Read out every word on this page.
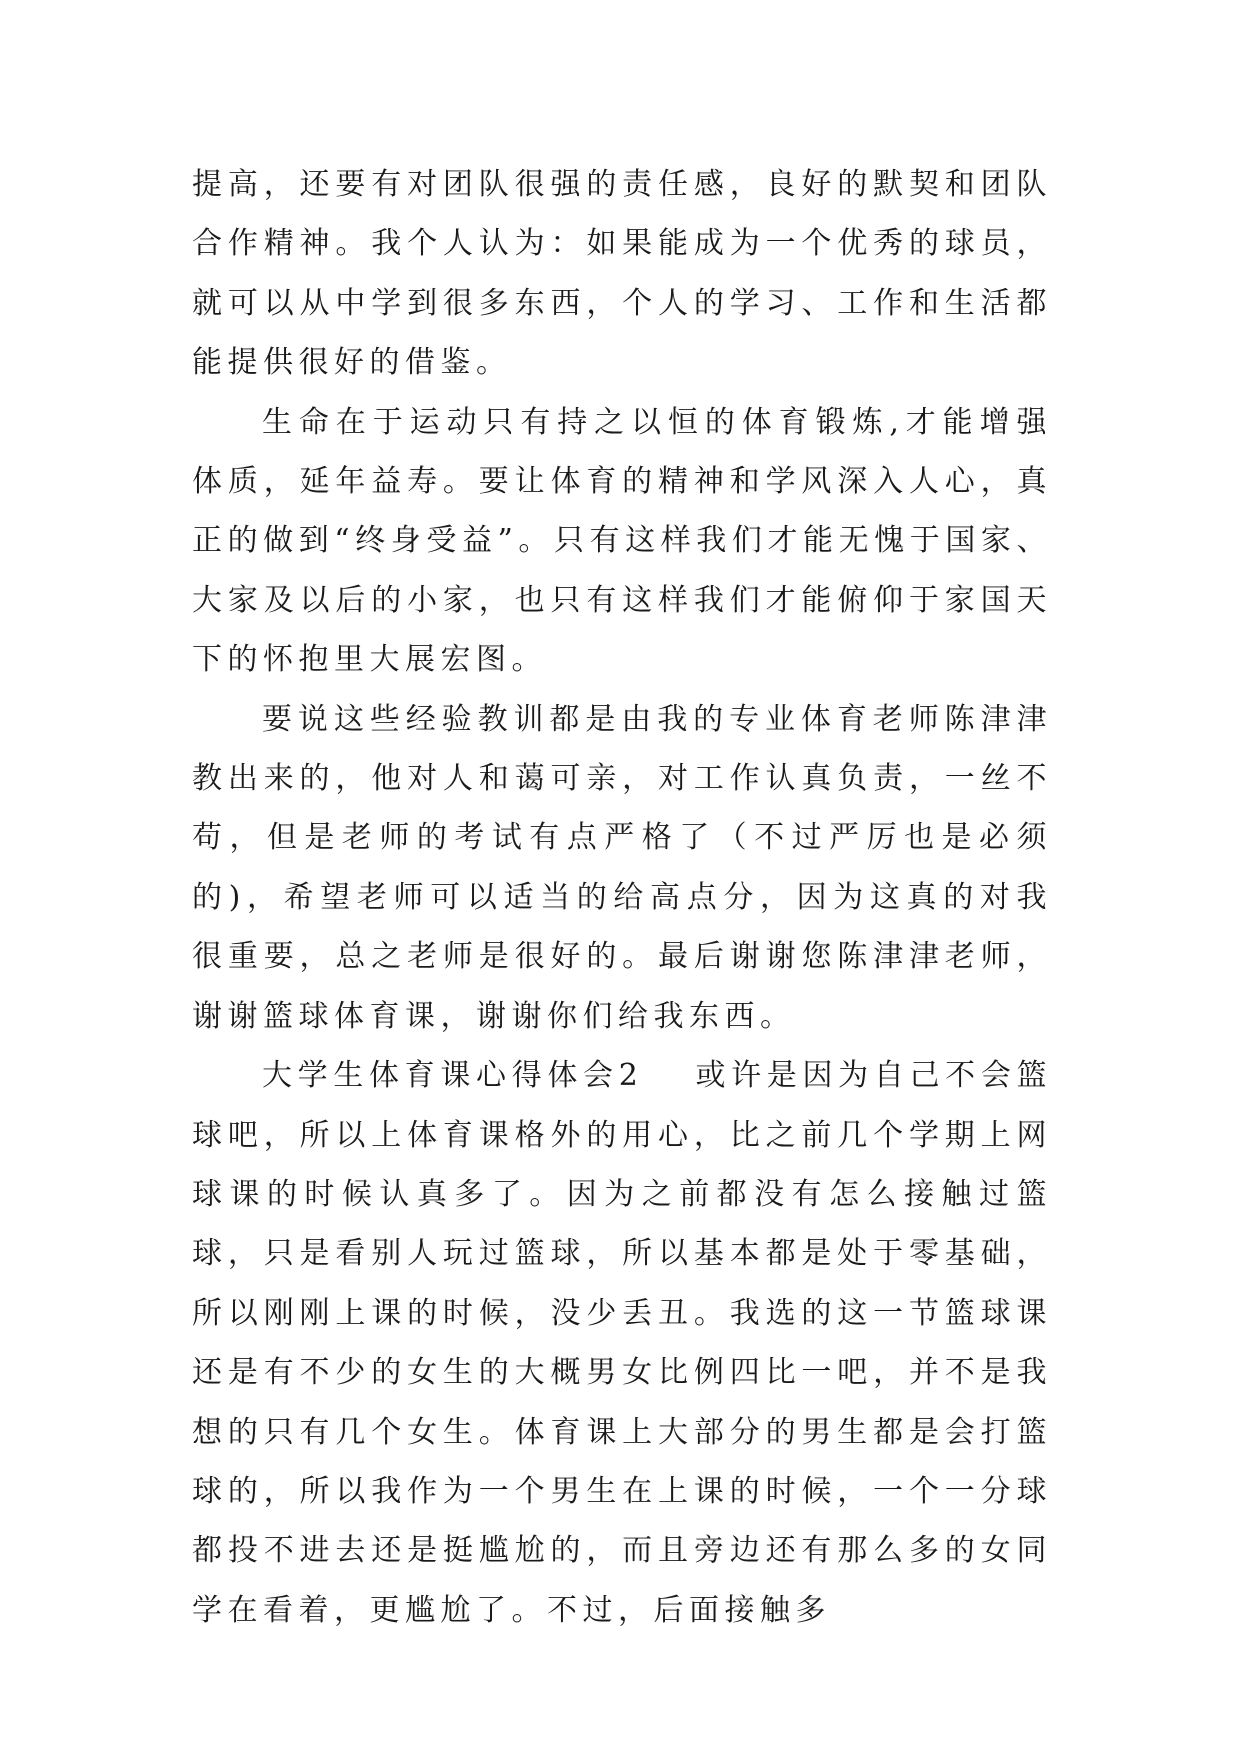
提高，还要有对团队很强的责任感，良好的默契和团队合作精神。我个人认为：如果能成为一个优秀的球员，就可以从中学到很多东西，个人的学习、工作和生活都能提供很好的借鉴。

生命在于运动只有持之以恒的体育锻炼,才能增强体质，延年益寿。要让体育的精神和学风深入人心，真正的做到“终身受益”。只有这样我们才能无愧于国家、大家及以后的小家，也只有这样我们才能俯仰于家国天下的怀抱里大展宏图。

要说这些经验教训都是由我的专业体育老师陈津津教出来的，他对人和蔼可亲，对工作认真负责，一丝不苟，但是老师的考试有点严格了（不过严厉也是必须的)，希望老师可以适当的给高点分，因为这真的对我很重要，总之老师是很好的。最后谢谢您陈津津老师，谢谢篮球体育课，谢谢你们给我东西。

大学生体育课心得体会2 或许是因为自己不会篮球吧，所以上体育课格外的用心，比之前几个学期上网球课的时候认真多了。因为之前都没有怎么接触过篮球，只是看别人玩过篮球，所以基本都是处于零基础，所以刚刚上课的时候，没少丢丑。我选的这一节篮球课还是有不少的女生的大概男女比例四比一吧，并不是我想的只有几个女生。体育课上大部分的男生都是会打篮球的，所以我作为一个男生在上课的时候，一个一分球都投不进去还是挺尴尬的，而且旁边还有那么多的女同学在看着，更尴尬了。不过，后面接触多
